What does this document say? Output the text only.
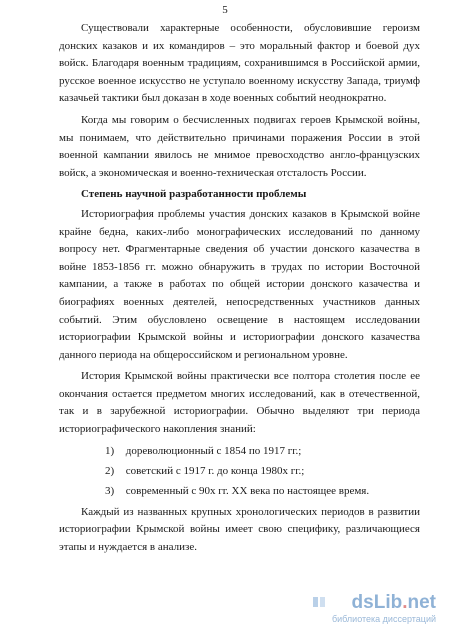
5

Существовали характерные особенности, обусловившие героизм донских казаков и их командиров – это моральный фактор и боевой дух войск. Благодаря военным традициям, сохранившимся в Российской армии, русское военное искусство не уступало военному искусству Запада, триумф казачьей тактики был доказан в ходе военных событий неоднократно.

Когда мы говорим о бесчисленных подвигах героев Крымской войны, мы понимаем, что действительно причинами поражения России в этой военной кампании явилось не мнимое превосходство англо-французских войск, а экономическая и военно-техническая отсталость России.

Степень научной разработанности проблемы

Историография проблемы участия донских казаков в Крымской войне крайне бедна, каких-либо монографических исследований по данному вопросу нет. Фрагментарные сведения об участии донского казачества в войне 1853-1856 гг. можно обнаружить в трудах по истории Восточной кампании, а также в работах по общей истории донского казачества и биографиях военных деятелей, непосредственных участников данных событий. Этим обусловлено освещение в настоящем исследовании историографии Крымской войны и историографии донского казачества данного периода на общероссийском и региональном уровне.

История Крымской войны практически все полтора столетия после ее окончания остается предметом многих исследований, как в отечественной, так и в зарубежной историографии. Обычно выделяют три периода историографического накопления знаний:

1) дореволюционный с 1854 по 1917 гг.;
2) советский с 1917 г. до конца 1980х гг.;
3) современный с 90х гг. XX века по настоящее время.

Каждый из названных крупных хронологических периодов в развитии историографии Крымской войны имеет свою специфику, различающиеся этапы и нуждается в анализе.

dsLib.net
библиотека диссертаций
